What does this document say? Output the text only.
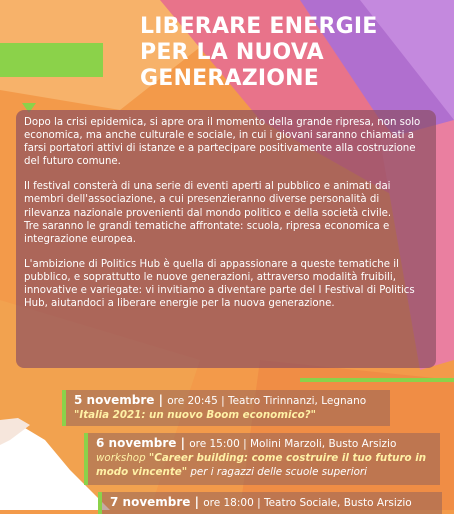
LIBERARE ENERGIE
PER LA NUOVA
GENERAZIONE

Dopo la crisi epidemica, si apre ora il momento della grande ripresa, non solo economica, ma anche culturale e sociale, in cui i giovani saranno chiamati a farsi portatori attivi di istanze e a partecipare positivamente alla costruzione del futuro comune.

Il festival consterà di una serie di eventi aperti al pubblico e animati dai membri dell'associazione, a cui presenzieranno diverse personalità di rilevanza nazionale provenienti dal mondo politico e della società civile.

Tre saranno le grandi tematiche affrontate: scuola, ripresa economica e integrazione europea.

L'ambizione di Politics Hub è quella di appassionare a queste tematiche il pubblico, e soprattutto le nuove generazioni, attraverso modalità fruibili, innovative e variegate: vi invitiamo a diventare parte del I Festival di Politics Hub, aiutandoci a liberare energie per la nuova generazione.

5 novembre | ore 20:45 | Teatro Tirinnanzi, Legnano
"Italia 2021: un nuovo Boom economico?"
6 novembre | ore 15:00 | Molini Marzoli, Busto Arsizio
workshop "Career building: come costruire il tuo futuro in modo vincente" per i ragazzi delle scuole superiori
7 novembre | ore 18:00 | Teatro Sociale, Busto Arsizio
